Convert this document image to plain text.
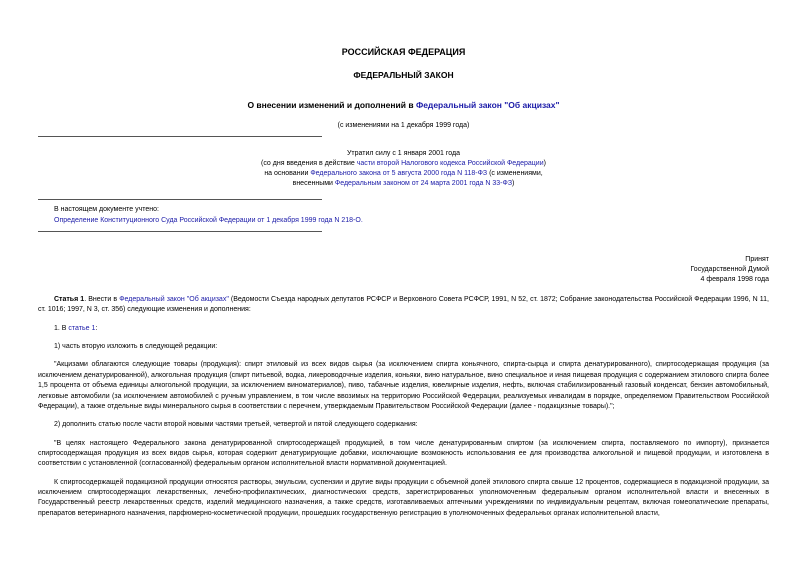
РОССИЙСКАЯ ФЕДЕРАЦИЯ
ФЕДЕРАЛЬНЫЙ ЗАКОН
О внесении изменений и дополнений в Федеральный закон "Об акцизах"
(с изменениями на 1 декабря 1999 года)
Утратил силу с 1 января 2001 года
(со дня введения в действие части второй Налогового кодекса Российской Федерации)
на основании Федерального закона от 5 августа 2000 года N 118-ФЗ (с изменениями,
внесенными Федеральным законом от 24 марта 2001 года N 33-ФЗ)
В настоящем документе учтено:
Определение Конституционного Суда Российской Федерации от 1 декабря 1999 года N 218-О.
Принят
Государственной Думой
4 февраля 1998 года

Статья 1. Внести в Федеральный закон "Об акцизах" (Ведомости Съезда народных депутатов РСФСР и Верховного Совета РСФСР, 1991, N 52, ст. 1872; Собрание законодательства Российской Федерации 1996, N 11, ст. 1016; 1997, N 3, ст. 356) следующие изменения и дополнения:

1. В статье 1:

1) часть вторую изложить в следующей редакции:

"Акцизами облагаются следующие товары (продукция): спирт этиловый из всех видов сырья (за исключением спирта коньячного, спирта-сырца и спирта денатурированного), спиртосодержащая продукция (за исключением денатурированной), алкогольная продукция (спирт питьевой, водка, ликероводочные изделия, коньяки, вино натуральное, вино специальное и иная пищевая продукция с содержанием этилового спирта более 1,5 процента от объема единицы алкогольной продукции, за исключением виноматериалов), пиво, табачные изделия, ювелирные изделия, нефть, включая стабилизированный газовый конденсат, бензин автомобильный, легковые автомобили (за исключением автомобилей с ручным управлением, в том числе ввозимых на территорию Российской Федерации, реализуемых инвалидам в порядке, определяемом Правительством Российской Федерации), а также отдельные виды минерального сырья в соответствии с перечнем, утверждаемым Правительством Российской Федерации (далее - подакцизные товары).";

2) дополнить статью после части второй новыми частями третьей, четвертой и пятой следующего содержания:

"В целях настоящего Федерального закона денатурированной спиртосодержащей продукцией, в том числе денатурированным спиртом (за исключением спирта, поставляемого по импорту), признается спиртосодержащая продукция из всех видов сырья, которая содержит денатурирующие добавки, исключающие возможность использования ее для производства алкогольной и пищевой продукции, и изготовлена в соответствии с установленной (согласованной) федеральным органом исполнительной власти нормативной документацией.

К спиртосодержащей подакцизной продукции относятся растворы, эмульсии, суспензии и другие виды продукции с объемной долей этилового спирта свыше 12 процентов, содержащиеся в подакцизной продукции, за исключением спиртосодержащих лекарственных, лечебно-профилактических, диагностических средств, зарегистрированных уполномоченным федеральным органом исполнительной власти и внесенных в Государственный реестр лекарственных средств, изделий медицинского назначения, а также средств, изготавливаемых аптечными учреждениями по индивидуальным рецептам, включая гомеопатические препараты, препаратов ветеринарного назначения, парфюмерно-косметической продукции, прошедших государственную регистрацию в уполномоченных федеральных органах исполнительной власти,
